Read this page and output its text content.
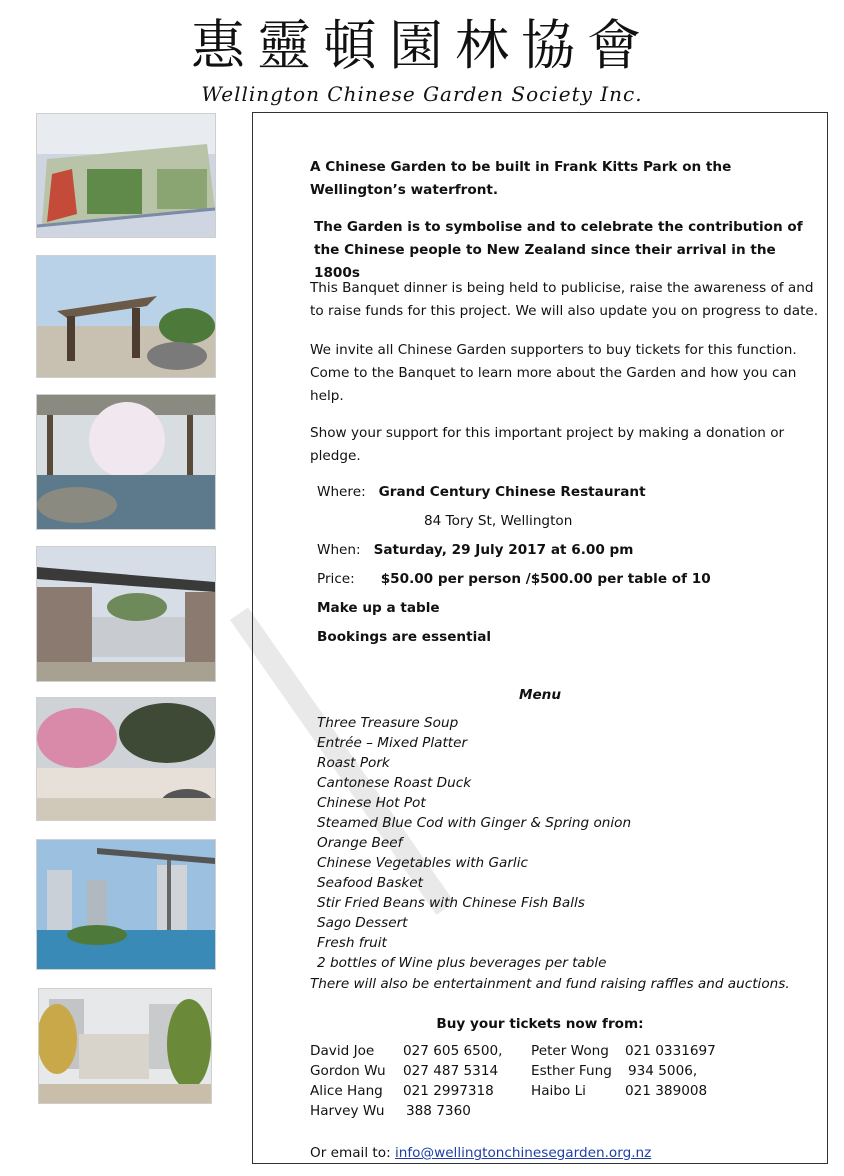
惠靈頓園林協會
Wellington Chinese Garden Society Inc.

A Chinese Garden to be built in Frank Kitts Park on the Wellington’s waterfront.

The Garden is to symbolise and to celebrate the contribution of the Chinese people to New Zealand since their arrival in the 1800s

This Banquet dinner is being held to publicise, raise the awareness of and to raise funds for this project. We will also update you on progress to date.

We invite all Chinese Garden supporters to buy tickets for this function. Come to the Banquet to learn more about the Garden and how you can help.

Show your support for this important project by making a donation or pledge.

Where: Grand Century Chinese Restaurant
84 Tory St, Wellington
When: Saturday, 29 July 2017 at 6.00 pm
Price: $50.00 per person /$500.00 per table of 10
Make up a table
Bookings are essential
Menu
Three Treasure Soup
Entrée – Mixed Platter
Roast Pork
Cantonese Roast Duck
Chinese Hot Pot
Steamed Blue Cod with Ginger & Spring onion
Orange Beef
Chinese Vegetables with Garlic
Seafood Basket
Stir Fried Beans with Chinese Fish Balls
Sago Dessert
Fresh fruit
2 bottles of Wine plus beverages per table

There will also be entertainment and fund raising raffles and auctions.

Buy your tickets now from:
David Joe 027 605 6500,
Gordon Wu 027 487 5314
Alice Hang 021 2997318
Harvey Wu 388 7360
Peter Wong 021 0331697
Esther Fung 934 5006,
Haibo Li	021 389008

Or email to: info@wellingtonchinesegarden.org.nz
